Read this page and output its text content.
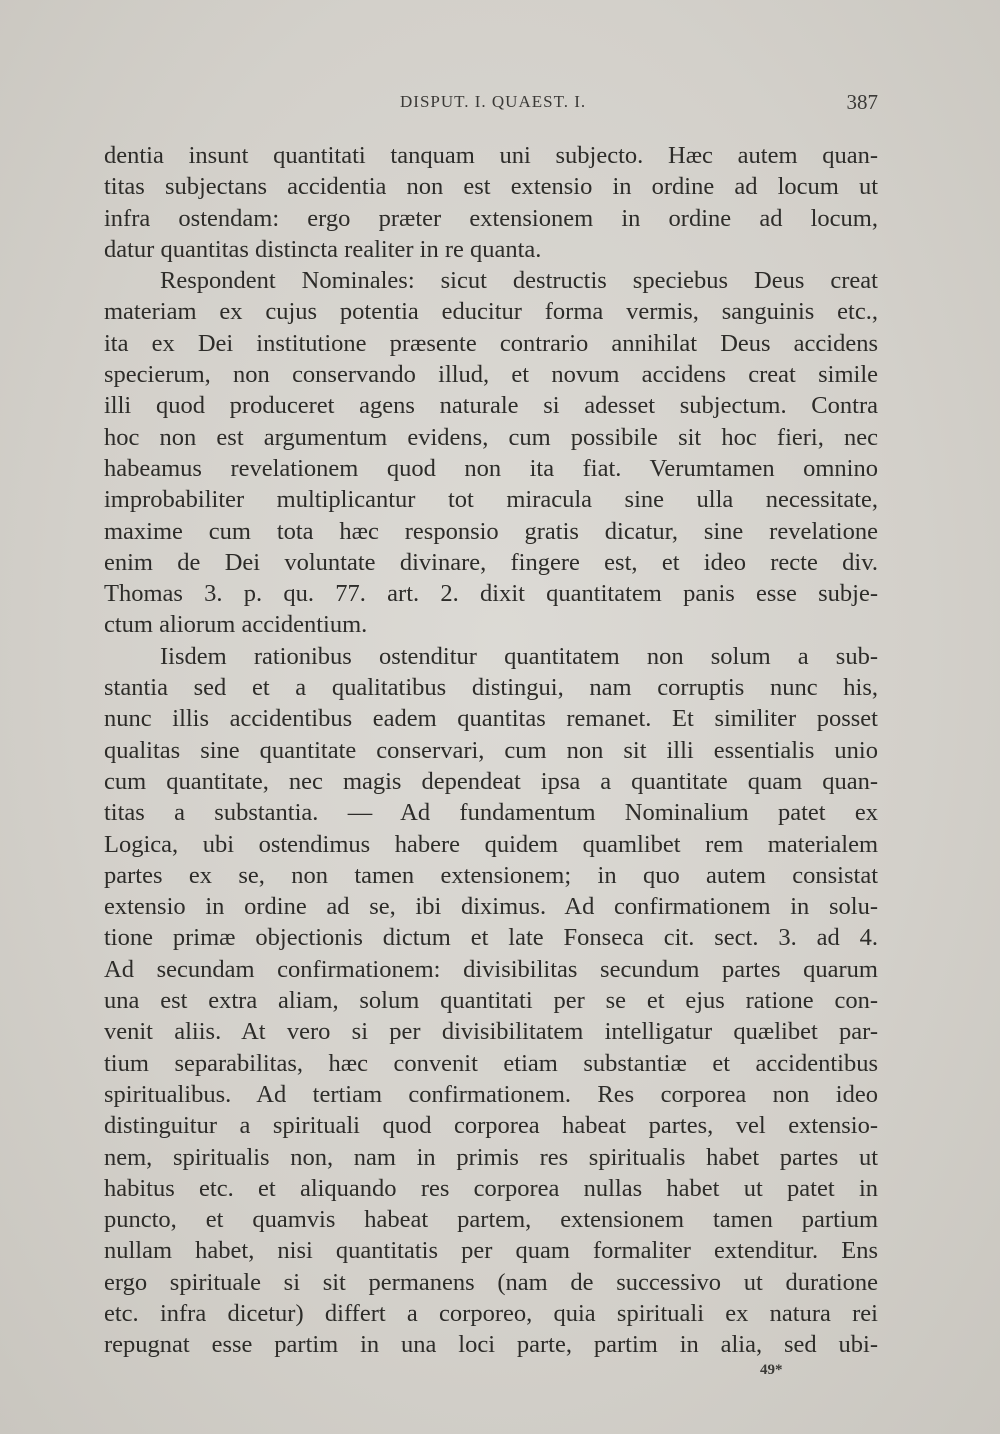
DISPUT. I. QUAEST. I.	387
dentia insunt quantitati tanquam uni subjecto. Hæc autem quan-
titas subjectans accidentia non est extensio in ordine ad locum ut
infra ostendam: ergo præter extensionem in ordine ad locum,
datur quantitas distincta realiter in re quanta.
Respondent Nominales: sicut destructis speciebus Deus creat
materiam ex cujus potentia educitur forma vermis, sanguinis etc.,
ita ex Dei institutione præsente contrario annihilat Deus accidens
specierum, non conservando illud, et novum accidens creat simile
illi quod produceret agens naturale si adesset subjectum. Contra
hoc non est argumentum evidens, cum possibile sit hoc fieri, nec
habeamus revelationem quod non ita fiat. Verumtamen omnino
improbabiliter multiplicantur tot miracula sine ulla necessitate,
maxime cum tota hæc responsio gratis dicatur, sine revelatione
enim de Dei voluntate divinare, fingere est, et ideo recte div.
Thomas 3. p. qu. 77. art. 2. dixit quantitatem panis esse subje-
ctum aliorum accidentium.
Iisdem rationibus ostenditur quantitatem non solum a sub-
stantia sed et a qualitatibus distingui, nam corruptis nunc his,
nunc illis accidentibus eadem quantitas remanet. Et similiter posset
qualitas sine quantitate conservari, cum non sit illi essentialis unio
cum quantitate, nec magis dependeat ipsa a quantitate quam quan-
titas a substantia. — Ad fundamentum Nominalium patet ex
Logica, ubi ostendimus habere quidem quamlibet rem materialem
partes ex se, non tamen extensionem; in quo autem consistat
extensio in ordine ad se, ibi diximus. Ad confirmationem in solu-
tione primæ objectionis dictum et late Fonseca cit. sect. 3. ad 4.
Ad secundam confirmationem: divisibilitas secundum partes quarum
una est extra aliam, solum quantitati per se et ejus ratione con-
venit aliis. At vero si per divisibilitatem intelligatur quælibet par-
tium separabilitas, hæc convenit etiam substantiæ et accidentibus
spiritualibus. Ad tertiam confirmationem. Res corporea non ideo
distinguitur a spirituali quod corporea habeat partes, vel extensio-
nem, spiritualis non, nam in primis res spiritualis habet partes ut
habitus etc. et aliquando res corporea nullas habet ut patet in
puncto, et quamvis habeat partem, extensionem tamen partium
nullam habet, nisi quantitatis per quam formaliter extenditur. Ens
ergo spirituale si sit permanens (nam de successivo ut duratione
etc. infra dicetur) differt a corporeo, quia spirituali ex natura rei
repugnat esse partim in una loci parte, partim in alia, sed ubi-
49*
